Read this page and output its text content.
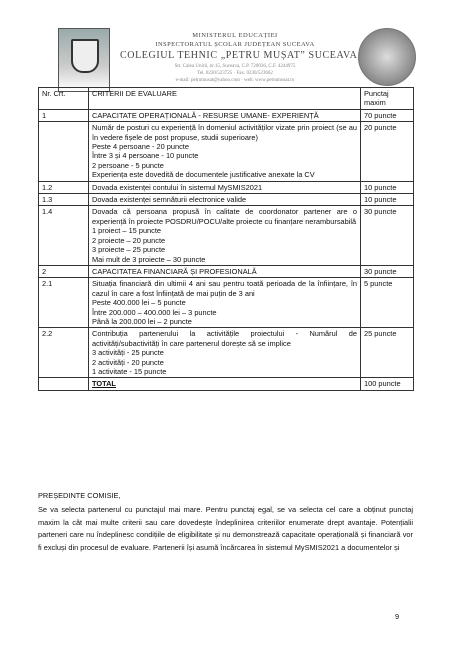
MINISTERUL EDUCAȚIEI
INSPECTORATUL ȘCOLAR JUDEȚEAN SUCEAVA
COLEGIUL TEHNIC „PETRU MUȘAT” SUCEAVA
Str. Calea Unirii, nr.15, Suceava, C.P. 720036, C.F. 4244975
Tel. 0230/523725 · Fax. 0230/523662
e-mail: petrumusat@yahoo.com · web: www.petrumusat.ro
Nr. Crt.	CRITERII DE EVALUARE	Punctaj maxim
1	CAPACITATE OPERAȚIONALĂ - RESURSE UMANE- EXPERIENȚĂ	70 puncte

	Număr de posturi cu experiență în domeniul activităților vizate prin proiect (se au în vedere fișele de post propuse, studii superioare)
Peste 4 persoane - 20 puncte
Între 3 și 4 persoane - 10 puncte
2 persoane - 5 puncte
Experiența este doveditǎ de documentele justificative anexate la CV	20 puncte
1.2	Dovada existenței contului în sistemul MySMIS2021	10 puncte
1.3	Dovada existenței semnăturii electronice valide	10 puncte
1.4	Dovada că persoana propusă în calitate de coordonator partener are o experiență în proiecte POSDRU/POCU/alte proiecte cu finanțare nerambursabilă
1 proiect – 15 puncte
2 proiecte – 20 puncte
3 proiecte – 25 puncte
Mai mult de 3 proiecte – 30 puncte	30 puncte
2	CAPACITATEA FINANCIARĂ ȘI PROFESIONALĂ	30 puncte
2.1	Situația financiară din ultimii 4 ani sau pentru toată perioada de la înființare, în cazul în care a fost înființată de mai puțin de 3 ani
Peste 400.000 lei – 5 puncte
Între 200.000 – 400.000 lei – 3 puncte
Până la 200.000 lei – 2 puncte	5 puncte
2.2	Contribuția partenerului la activitățile proiectului - Numărul de activități/subactivități în care partenerul dorește să se implice
3 activități - 25 puncte
2 activități - 20 puncte
1 activitate - 15 puncte	25 puncte

	TOTAL	100 puncte
PREȘEDINTE COMISIE,
Se va selecta partenerul cu punctajul mai mare. Pentru punctaj egal, se va selecta cel care a obținut punctaj maxim la cât mai multe criterii sau care dovedește îndeplinirea criteriilor enumerate drept avantaje. Potențialii parteneri care nu îndeplinesc condițiile de eligibilitate și nu demonstrează capacitate operațională și financiară vor fi excluși din procesul de evaluare. Partenerii își asumă încărcarea în sistemul MySMIS2021 a documentelor și
9
